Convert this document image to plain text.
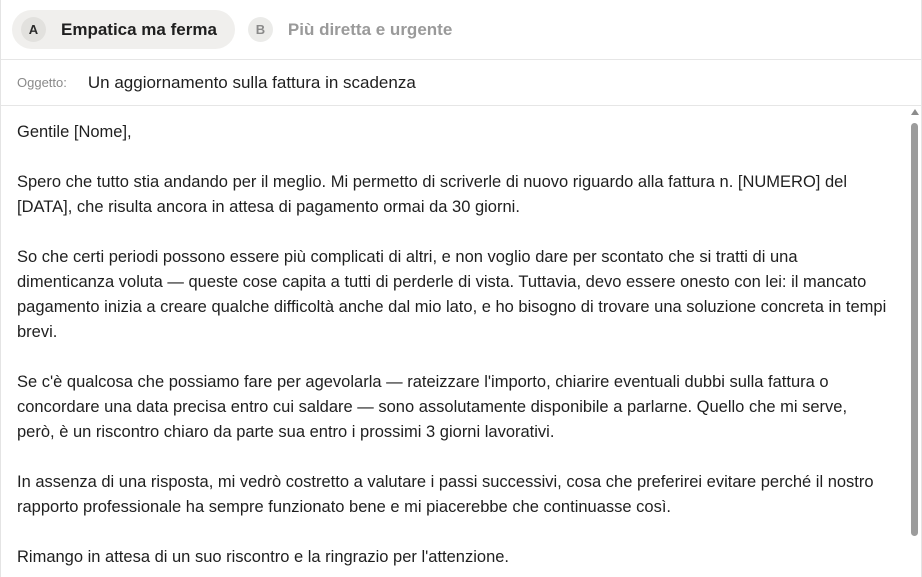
A	Empatica ma ferma	B	Più diretta e urgente
Oggetto: Un aggiornamento sulla fattura in scadenza

Gentile [Nome],

Spero che tutto stia andando per il meglio. Mi permetto di scriverle di nuovo riguardo alla fattura n. [NUMERO] del [DATA], che risulta ancora in attesa di pagamento ormai da 30 giorni.

So che certi periodi possono essere più complicati di altri, e non voglio dare per scontato che si tratti di una dimenticanza voluta — queste cose capita a tutti di perderle di vista. Tuttavia, devo essere onesto con lei: il mancato pagamento inizia a creare qualche difficoltà anche dal mio lato, e ho bisogno di trovare una soluzione concreta in tempi brevi.

Se c'è qualcosa che possiamo fare per agevolarla — rateizzare l'importo, chiarire eventuali dubbi sulla fattura o concordare una data precisa entro cui saldare — sono assolutamente disponibile a parlarne. Quello che mi serve, però, è un riscontro chiaro da parte sua entro i prossimi 3 giorni lavorativi.

In assenza di una risposta, mi vedrò costretto a valutare i passi successivi, cosa che preferirei evitare perché il nostro rapporto professionale ha sempre funzionato bene e mi piacerebbe che continuasse così.

Rimango in attesa di un suo riscontro e la ringrazio per l'attenzione.
